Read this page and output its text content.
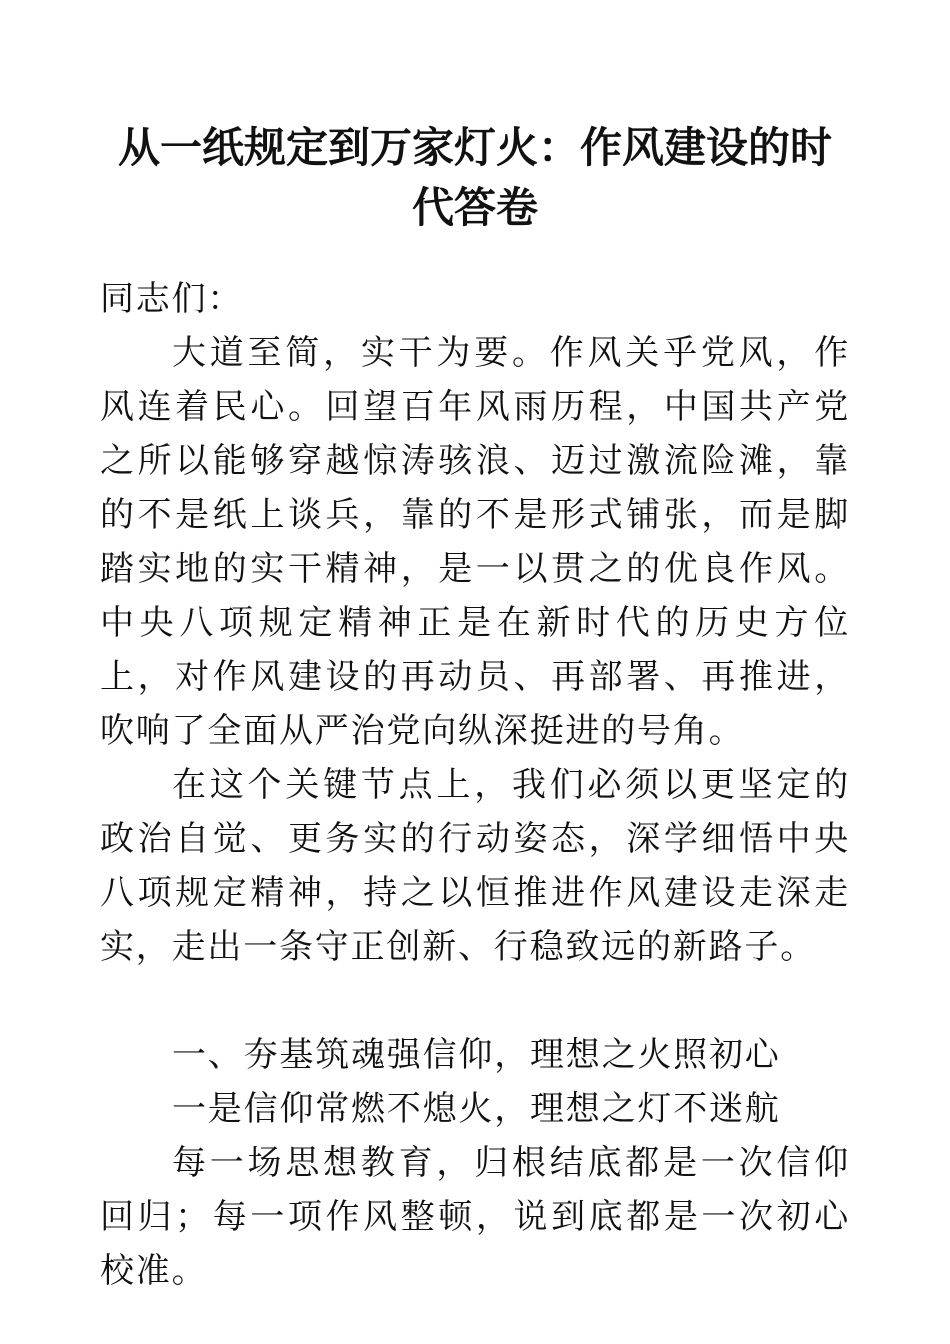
从一纸规定到万家灯火：作风建设的时代答卷

同志们：

大道至简，实干为要。作风关乎党风，作风连着民心。回望百年风雨历程，中国共产党之所以能够穿越惊涛骇浪、迈过激流险滩，靠的不是纸上谈兵，靠的不是形式铺张，而是脚踏实地的实干精神，是一以贯之的优良作风。中央八项规定精神正是在新时代的历史方位上，对作风建设的再动员、再部署、再推进，吹响了全面从严治党向纵深挺进的号角。

在这个关键节点上，我们必须以更坚定的政治自觉、更务实的行动姿态，深学细悟中央八项规定精神，持之以恒推进作风建设走深走实，走出一条守正创新、行稳致远的新路子。

一、夯基筑魂强信仰，理想之火照初心

一是信仰常燃不熄火，理想之灯不迷航

每一场思想教育，归根结底都是一次信仰回归；每一项作风整顿，说到底都是一次初心校准。
